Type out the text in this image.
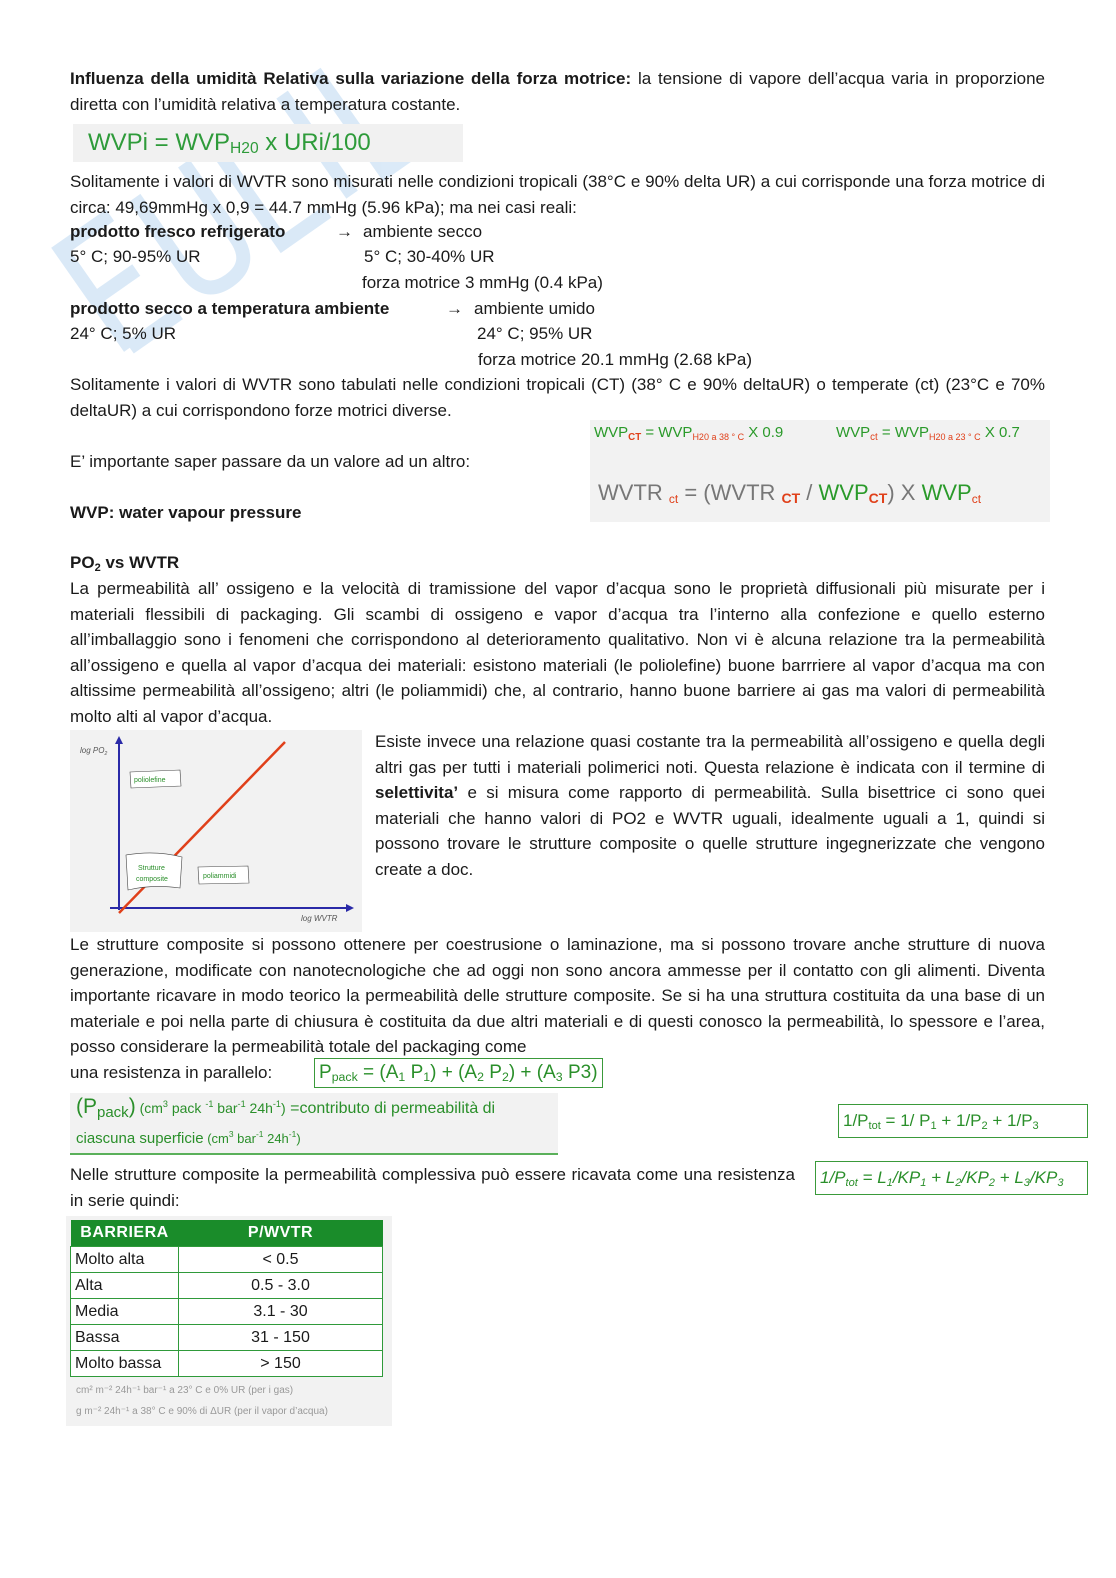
Influenza della umidità Relativa sulla variazione della forza motrice: la tensione di vapore dell’acqua varia in proporzione diretta con l’umidità relativa a temperatura costante.

WVPi = $WVP_{H20}$ x URi/100

Solitamente i valori di WVTR sono misurati nelle condizioni tropicali (38°C e 90% delta UR) a cui corrisponde una forza motrice di circa: 49,69mmHg x 0,9 = 44.7 mmHg (5.96 kPa); ma nei casi reali:

prodotto fresco refrigerato	→ ambiente secco
5° C; 90-95% UR	5° C; 30-40% UR
forza motrice 3 mmHg (0.4 kPa)
prodotto secco a temperatura ambiente	→ ambiente umido
24° C; 5% UR	24° C; 95% UR
forza motrice 20.1 mmHg (2.68 kPa)

Solitamente i valori di WVTR sono tabulati nelle condizioni tropicali (CT) (38° C e 90% deltaUR) o temperate (ct) (23°C e 70% deltaUR) a cui corrispondono forze motrici diverse.

$WVP_{CT} = WVP_{H20 a 38 ^\circ C}$ X 0.9	$WVP_{ct} = WVP_{H20 a 23 ^\circ C}$ X 0.7
WVTR $_{ct}$ = (WVTR $_{CT} / WVP_{CT}$) X $WVP_{ct}$
E’ importante saper passare da un valore ad un altro:
WVP: water vapour pressure
$PO_2$ vs WVTR

La permeabilità all’ ossigeno e la velocità di tramissione del vapor d’acqua sono le proprietà diffusionali più misurate per i materiali flessibili di packaging. Gli scambi di ossigeno e vapor d’acqua tra l’interno alla confezione e quello esterno all’imballaggio sono i fenomeni che corrispondono al deterioramento qualitativo. Non vi è alcuna relazione tra la permeabilità all’ossigeno e quella al vapor d’acqua dei materiali: esistono materiali (le poliolefine) buone barrriere al vapor d’acqua ma con altissime permeabilità all’ossigeno; altri (le poliammidi) che, al contrario, hanno buone barriere ai gas ma valori di permeabilità molto alti al vapor d’acqua.

$\log PO_2$
log WVTR
poliolefine
Strutture
composite	poliammidi

Esiste invece una relazione quasi costante tra la permeabilità all’ossigeno e quella degli altri gas per tutti i materiali polimerici noti. Questa relazione è indicata con il termine di selettivita’ e si misura come rapporto di permeabilità. Sulla bisettrice ci sono quei materiali che hanno valori di PO2 e WVTR uguali, idealmente uguali a 1, quindi si possono trovare le strutture composite o quelle strutture ingegnerizzate che vengono create a doc.

Le strutture composite si possono ottenere per coestrusione o laminazione, ma si possono trovare anche strutture di nuova generazione, modificate con nanotecnologiche che ad oggi non sono ancora ammesse per il contatto con gli alimenti. Diventa importante ricavare in modo teorico la permeabilità delle strutture composite. Se si ha una struttura costituita da una base di un materiale e poi nella parte di chiusura è costituita da due altri materiali e di questi conosco la permeabilità, lo spessore e l’area, posso considerare la permeabilità totale del packaging come

una resistenza in parallelo: $P_{pack} = (A_1$ $P_1) + (A_2$ $P_2) + (A_3$ P3)
$(P_{pack})$ ($cm^3$ pack $^{-1}$ bar$^{-1}$ $24h^{-1}$) =contributo di permeabilità di
ciascuna superficie ($cm^3$ bar$^{-1}$ $24h^{-1}$)
$1/P_{tot} = 1/$ $P_1 + 1/P_2 + 1/P_3$

Nelle strutture composite la permeabilità complessiva può essere ricavata come una resistenza in serie quindi:

$1/P_{tot} = L_1/KP_1 + L_2/KP_2 + L_3/KP_3$
BARRIERA	P/WVTR
Molto alta	< 0.5
Alta	0.5 - 3.0
Media	3.1 - 30
Bassa	31 - 150
Molto bassa	> 150
cm² m⁻² 24h⁻¹ bar⁻¹ a 23° C e 0% UR (per i gas)
g m⁻² 24h⁻¹ a 38° C e 90% di ΔUR (per il vapor d’acqua)
